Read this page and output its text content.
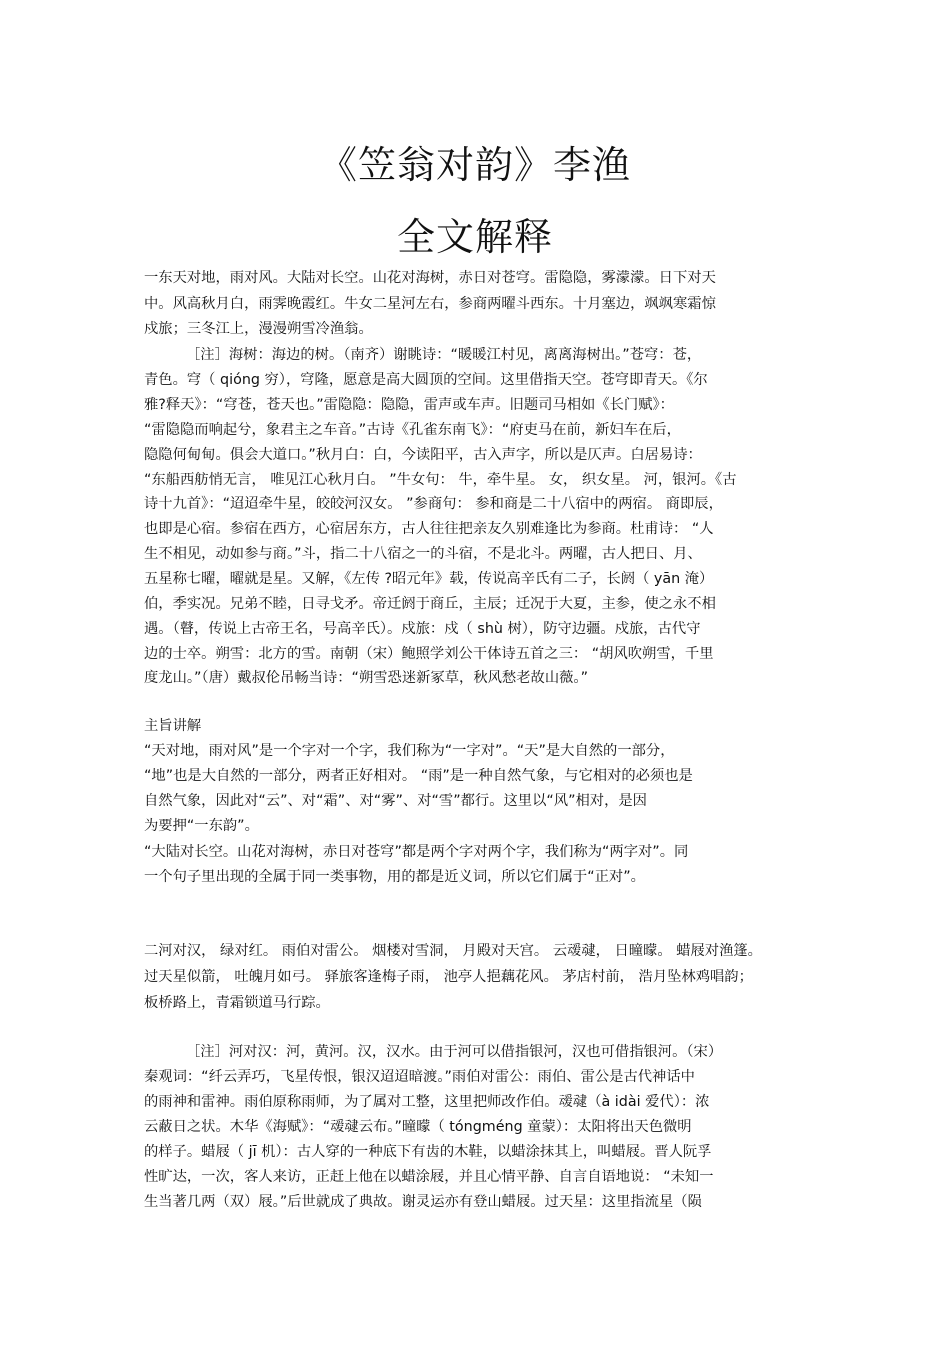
《笠翁对韵》李渔
全文解释
一东天对地，雨对风。大陆对长空。山花对海树，赤日对苍穹。雷隐隐，雾濛濛。日下对天
中。风高秋月白，雨霁晚霞红。牛女二星河左右，参商两曜斗西东。十月塞边，飒飒寒霜惊
戍旅；三冬江上，漫漫朔雪冷渔翁。
［注］海树：海边的树。（南齐）谢眺诗：“暖暖江村见，离离海树出。”苍穹：苍，
青色。穹（ qióng 穷），穹隆，愿意是高大圆顶的空间。这里借指天空。苍穹即青天。《尔
雅?释天》：“穹苍，苍天也。”雷隐隐：隐隐，雷声或车声。旧题司马相如《长门赋》：
“雷隐隐而响起兮，象君主之车音。”古诗《孔雀东南飞》：“府吏马在前，新妇车在后，
隐隐何甸甸。俱会大道口。”秋月白：白，今读阳平，古入声字，所以是仄声。白居易诗：
“东船西舫悄无言， 唯见江心秋月白。 ”牛女句： 牛，牵牛星。 女， 织女星。 河，银河。《古
诗十九首》：“迢迢牵牛星，皎皎河汉女。 ”参商句： 参和商是二十八宿中的两宿。 商即辰，
也即是心宿。参宿在西方，心宿居东方，古人往往把亲友久别难逢比为参商。杜甫诗： “人
生不相见，动如参与商。”斗，指二十八宿之一的斗宿，不是北斗。两曜，古人把日、月、
五星称七曜，曜就是星。又解，《左传 ?昭元年》载，传说高辛氏有二子，长阏（ yān 淹）
伯，季实况。兄弟不睦，日寻戈矛。帝迁阏于商丘，主辰；迁况于大夏，主参，使之永不相
遇。（瞽，传说上古帝王名，号高辛氏）。戍旅：戍（ shù 树），防守边疆。戍旅，古代守
边的士卒。朔雪：北方的雪。南朝（宋）鲍照学刘公干体诗五首之三： “胡风吹朔雪，千里
度龙山。”（唐）戴叔伦吊畅当诗：“朔雪恐迷新冢草，秋风愁老故山薇。”
主旨讲解
“天对地，雨对风”是一个字对一个字，我们称为“一字对”。“天”是大自然的一部分，
“地”也是大自然的一部分，两者正好相对。 “雨”是一种自然气象，与它相对的必须也是
自然气象，因此对“云”、对“霜”、对“雾”、对“雪”都行。这里以“风”相对，是因
为要押“一东韵”。
“大陆对长空。山花对海树，赤日对苍穹”都是两个字对两个字，我们称为“两字对”。同
一个句子里出现的全属于同一类事物，用的都是近义词，所以它们属于“正对”。
二河对汉， 绿对红。 雨伯对雷公。 烟楼对雪洞， 月殿对天宫。 云叆叇， 日曈曚。 蜡屐对渔篷。
过天星似箭， 吐魄月如弓。 驿旅客逢梅子雨， 池亭人挹藕花风。 茅店村前， 浩月坠林鸡唱韵；
板桥路上，青霜锁道马行踪。
［注］河对汉：河，黄河。汉，汉水。由于河可以借指银河，汉也可借指银河。（宋）
秦观词：“纤云弄巧，飞星传恨，银汉迢迢暗渡。”雨伯对雷公：雨伯、雷公是古代神话中
的雨神和雷神。雨伯原称雨师，为了属对工整，这里把师改作伯。叆叇（à idài 爱代）：浓
云蔽日之状。木华《海赋》：“叆叇云布。”曈曚（ tóngméng 童蒙）：太阳将出天色微明
的样子。蜡屐（ jī 机）：古人穿的一种底下有齿的木鞋，以蜡涂抹其上，叫蜡屐。晋人阮孚
性旷达，一次，客人来访，正赶上他在以蜡涂屐，并且心情平静、自言自语地说： “未知一
生当著几两（双）屐。”后世就成了典故。谢灵运亦有登山蜡屐。过天星：这里指流星（陨
